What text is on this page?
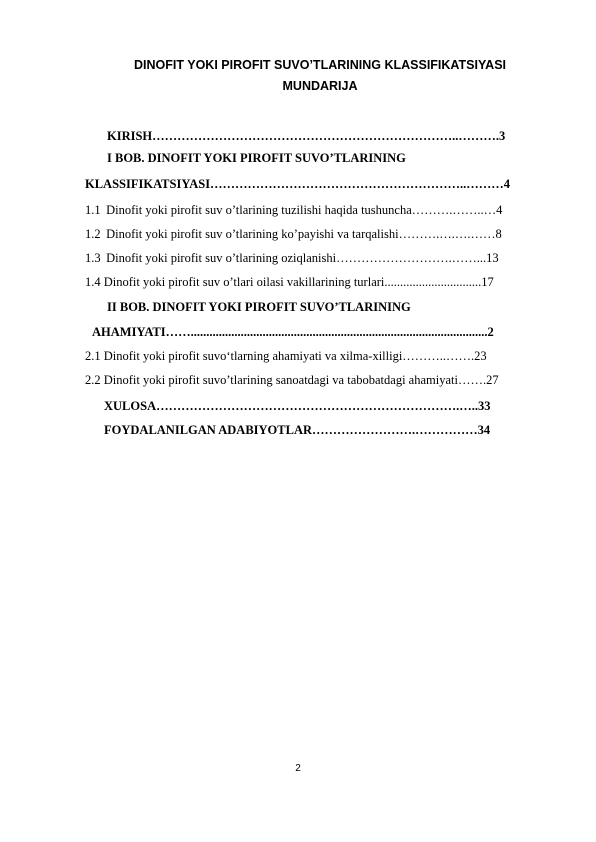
DINOFIT YOKI PIROFIT SUVO’TLARINING KLASSIFIKATSIYASI
MUNDARIJA
KIRISH………………………………………………………………..……….3
I BOB. DINOFIT YOKI PIROFIT SUVO’TLARINING
KLASSIFIKATSIYASI……………………………………………………..………4
1.1 Dinofit yoki pirofit suv o’tlarining tuzilishi haqida tushuncha……….……..…4
1.2 Dinofit yoki pirofit suv o’tlarining ko’payishi va tarqalishi……….….….……8
1.3 Dinofit yoki pirofit suv o’tlarining oziqlanishi……………………….……...13
1.4 Dinofit yoki pirofit suv o’tlari oilasi vakillarining turlari...............................17
II BOB. DINOFIT YOKI PIROFIT SUVO’TLARINING
AHAMIYATI……...............................................................................................2
2.1 Dinofit yoki pirofit suvo‘tlarning ahamiyati va xilma-xilligi………..…….23
2.2 Dinofit yoki pirofit suvo’tlarining sanoatdagi va tabobatdagi ahamiyati…….27
XULOSA……………………………………………………………….…..33
FOYDALANILGAN ADABIYOTLAR…………………….……………34
2
